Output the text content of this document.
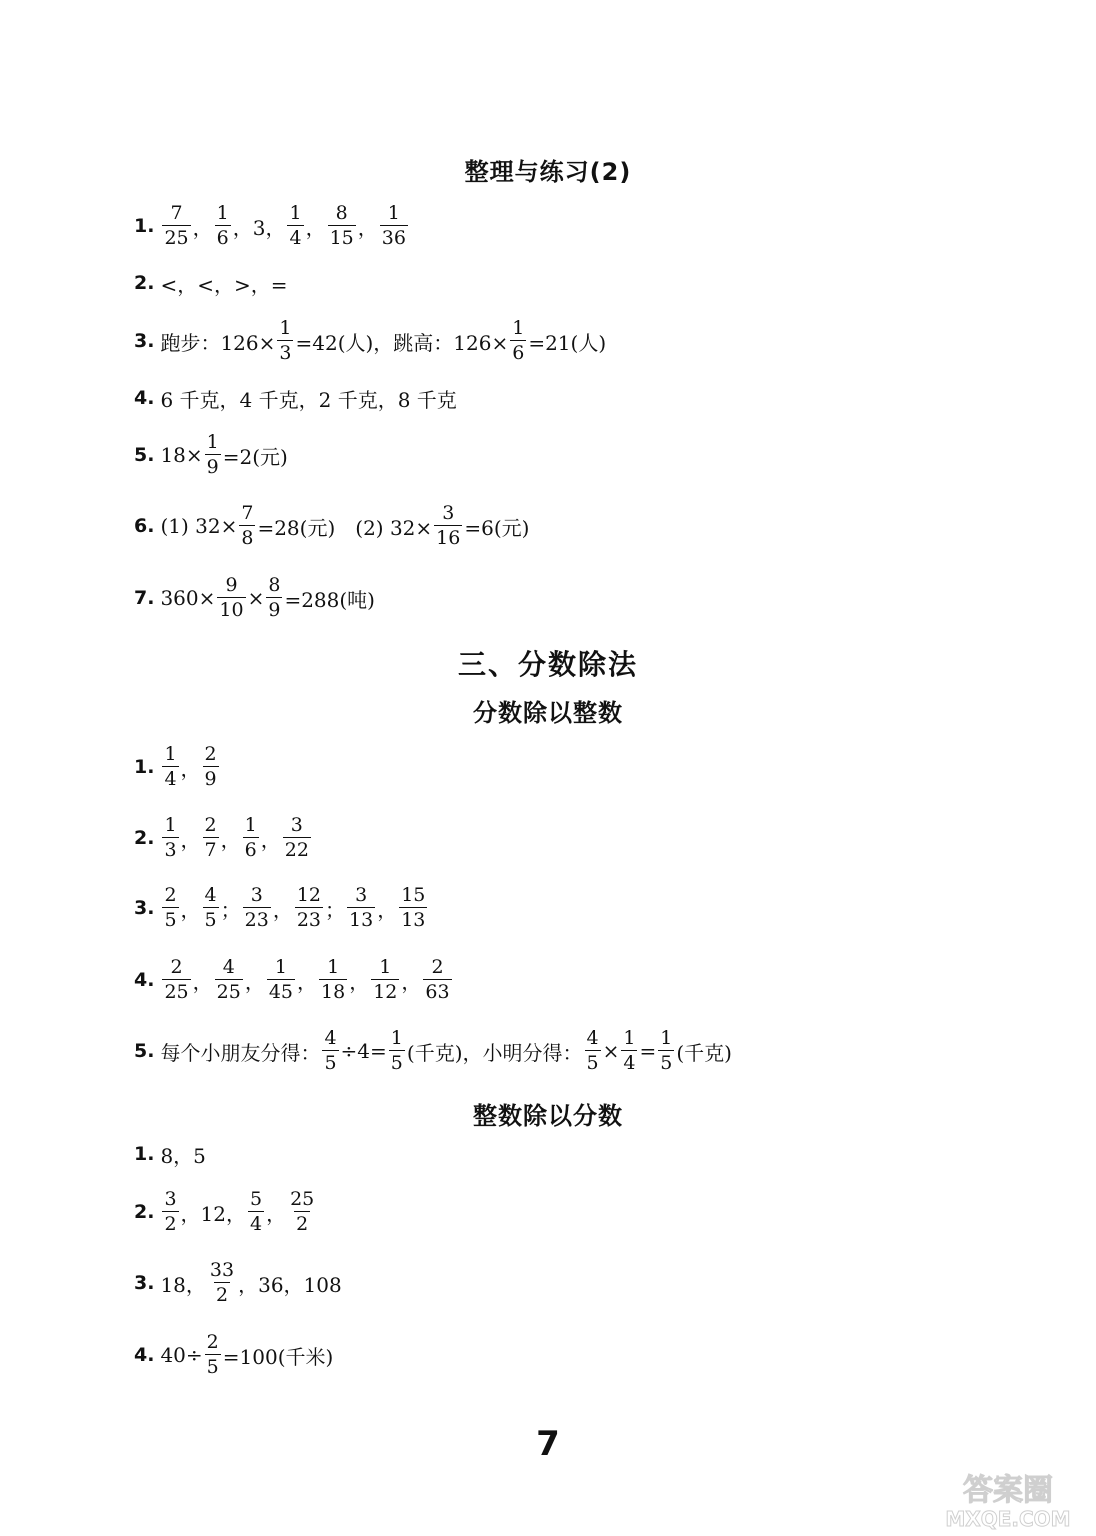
整理与练习(2)
1. $\frac{7}{25}$ ， $\frac{1}{6}$ ，3， $\frac{1}{4}$ ， $\frac{8}{15}$ ， $\frac{1}{36}$
2. <，<，>，=
3. 跑步：$126\times \frac{1}{3} =42$(人)，跳高：$126\times \frac{1}{6} =21$(人)
4. 6 千克，4 千克，2 千克，8 千克
5. $18\times \frac{1}{9} =2$(元)
6. (1) $32\times \frac{7}{8} =28$(元)　(2) $32\times \frac{3}{16} =6$(元)
7. $360\times \frac{9}{10} \times \frac{8}{9} =288$(吨)
三、分数除法
分数除以整数
1. $\frac{1}{4}$ ， $\frac{2}{9}$
2. $\frac{1}{3}$ ， $\frac{2}{7}$ ， $\frac{1}{6}$ ， $\frac{3}{22}$
3. $\frac{2}{5}$ ， $\frac{4}{5}$ ； $\frac{3}{23}$ ， $\frac{12}{23}$ ； $\frac{3}{13}$ ， $\frac{15}{13}$
4. $\frac{2}{25}$ ， $\frac{4}{25}$ ， $\frac{1}{45}$ ， $\frac{1}{18}$ ， $\frac{1}{12}$ ， $\frac{2}{63}$
5. 每个小朋友分得： $\frac{4}{5} \div 4= \frac{1}{5}$ (千克)，小明分得： $\frac{4}{5} \times \frac{1}{4} = \frac{1}{5}$ (千克)
整数除以分数
1. 8，5
2. $\frac{3}{2}$ ，12， $\frac{5}{4}$ ， $\frac{25}{2}$
3. 18， $\frac{33}{2}$ ，36，108
4. $40\div \frac{2}{5} =100$(千米)
7
答案圈
MXQE.COM
